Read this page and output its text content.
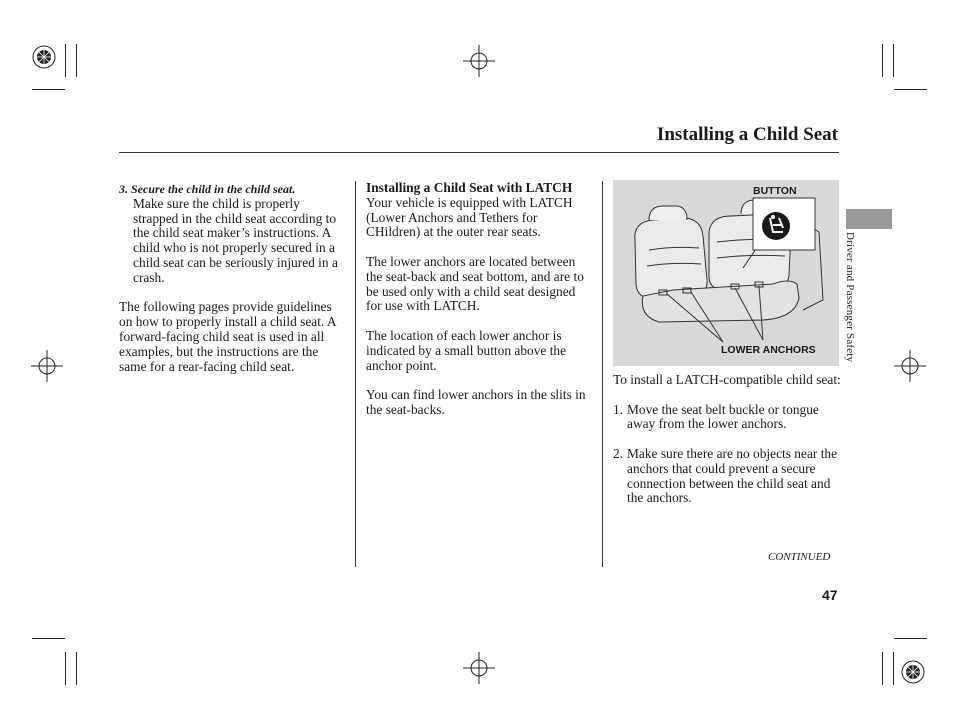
Installing a Child Seat
3. Secure the child in the child seat.

Make sure the child is properly strapped in the child seat according to the child seat maker’s instructions. A child who is not properly secured in a child seat can be seriously injured in a crash.

The following pages provide guidelines on how to properly install a child seat. A forward-facing child seat is used in all examples, but the instructions are the same for a rear-facing child seat.

Installing a Child Seat with LATCH

Your vehicle is equipped with LATCH (Lower Anchors and Tethers for CHildren) at the outer rear seats.

The lower anchors are located between the seat-back and seat bottom, and are to be used only with a child seat designed for use with LATCH.

The location of each lower anchor is indicated by a small button above the anchor point.

You can find lower anchors in the slits in the seat-backs.

BUTTON
LOWER ANCHORS

To install a LATCH-compatible child seat:

1. Move the seat belt buckle or tongue away from the lower anchors.
2. Make sure there are no objects near the anchors that could prevent a secure connection between the child seat and the anchors.
Driver and Passenger Safety
CONTINUED
47
